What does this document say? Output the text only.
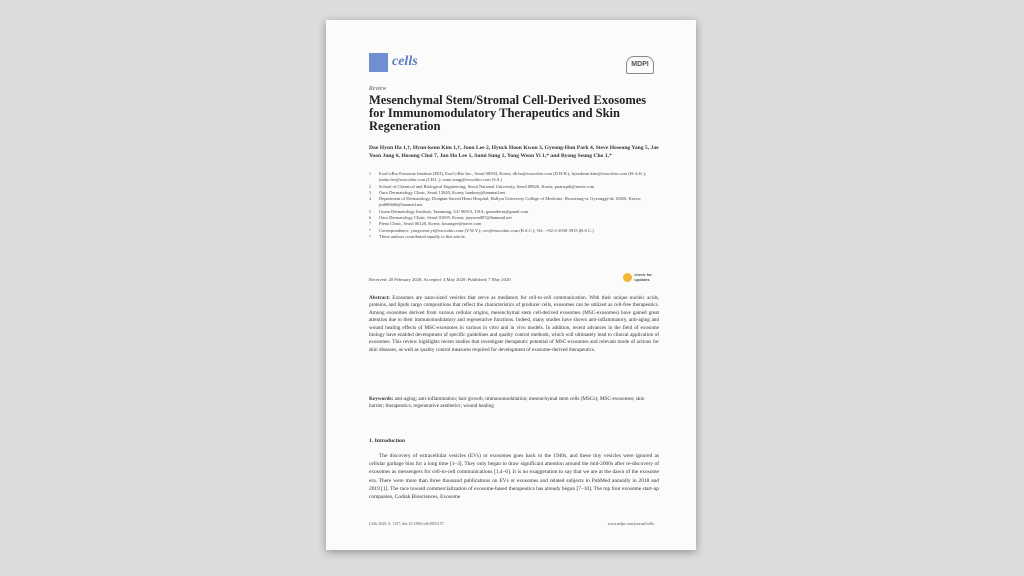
cells	MDPI
Review
Mesenchymal Stem/Stromal Cell-Derived Exosomes for Immunomodulatory Therapeutics and Skin Regeneration
Dae Hyun Ha 1,†, Hyun-keun Kim 1,†, Joon Lee 2, Hyuck Hoon Kwon 3, Gyeong-Hun Park 4, Steve Hoseong Yang 5, Jae Yoon Jung 6, Hosung Choi 7, Jun Ho Lee 1, Sumi Sung 1, Yong Weon Yi 1,* and Byong Seung Cho 1,*
1	ExoCoBio Exosome Institute (EEI), ExoCoBio Inc., Seoul 08594, Korea; dh.ha@exocobio.com (D.H.H.); hyunkeun.kim@exocobio.com (H.-k.K.); junho.lee@exocobio.com (J.H.L.); sumi.sung@exocobio.com (S.S.)
2	School of Chemical and Biological Engineering, Seoul National University, Seoul 08826, Korea; puarsqull@naver.com
3	Oaro Dermatology Clinic, Seoul 13620, Korea; banbury@hanmail.net
4	Department of Dermatology, Dongtan Sacred Heart Hospital, Hallym University College of Medicine, Hwaseong-si, Gyeonggi-do 18450, Korea; jin666666@hanmail.net
5	Guam Dermatology Institute, Tamuning, GU 96913, USA; guamderm@gmail.com
6	Oaro Dermatology Clinic, Seoul 01695, Korea; jaeyoon007@hanmail.net
7	Piena Clinic, Seoul 06120, Korea; hosungee@naver.com
*	Correspondence: yongweon.yi@exocobio.com (Y.W.Y.); ceo@exocobio.com (B.S.C.); Tel.: +82-2-2038-3915 (B.S.C.)
†	These authors contributed equally to this article.
Received: 20 February 2020; Accepted: 4 May 2020; Published: 7 May 2020
check for
updates
Abstract: Exosomes are nano-sized vesicles that serve as mediators for cell-to-cell communication. With their unique nucleic acids, proteins, and lipids cargo compositions that reflect the characteristics of producer cells, exosomes can be utilized as cell-free therapeutics. Among exosomes derived from various cellular origins, mesenchymal stem cell-derived exosomes (MSC-exosomes) have gained great attention due to their immunomodulatory and regenerative functions. Indeed, many studies have shown anti-inflammatory, anti-aging and wound healing effects of MSC-exosomes in various in vitro and in vivo models. In addition, recent advances in the field of exosome biology have enabled development of specific guidelines and quality control methods, which will ultimately lead to clinical application of exosomes. This review highlights recent studies that investigate therapeutic potential of MSC-exosomes and relevant mode of actions for skin diseases, as well as quality control measures required for development of exosome-derived therapeutics.
Keywords: anti-aging; anti-inflammation; hair growth; immunomodulation; mesenchymal stem cells (MSCs); MSC-exosomes; skin barrier; therapeutics; regenerative aesthetics; wound healing
1. Introduction
The discovery of extracellular vesicles (EVs) or exosomes goes back to the 1940s, and these tiny vesicles were ignored as cellular garbage bins for a long time [1–3]. They only began to draw significant attention around the mid-2000s after re-discovery of exosomes as messengers for cell-to-cell communications [1,4–6]. It is no exaggeration to say that we are at the dawn of the exosome era. There were more than three thousand publications on EVs or exosomes and related subjects in PubMed annually in 2018 and 2019 [1]. The race toward commercialization of exosome-based therapeutics has already begun [7–10]. The top four exosome start-up companies, Codiak Biosciences, Exosome
Cells 2020, 9, 1157; doi:10.3390/cells9051157	www.mdpi.com/journal/cells
